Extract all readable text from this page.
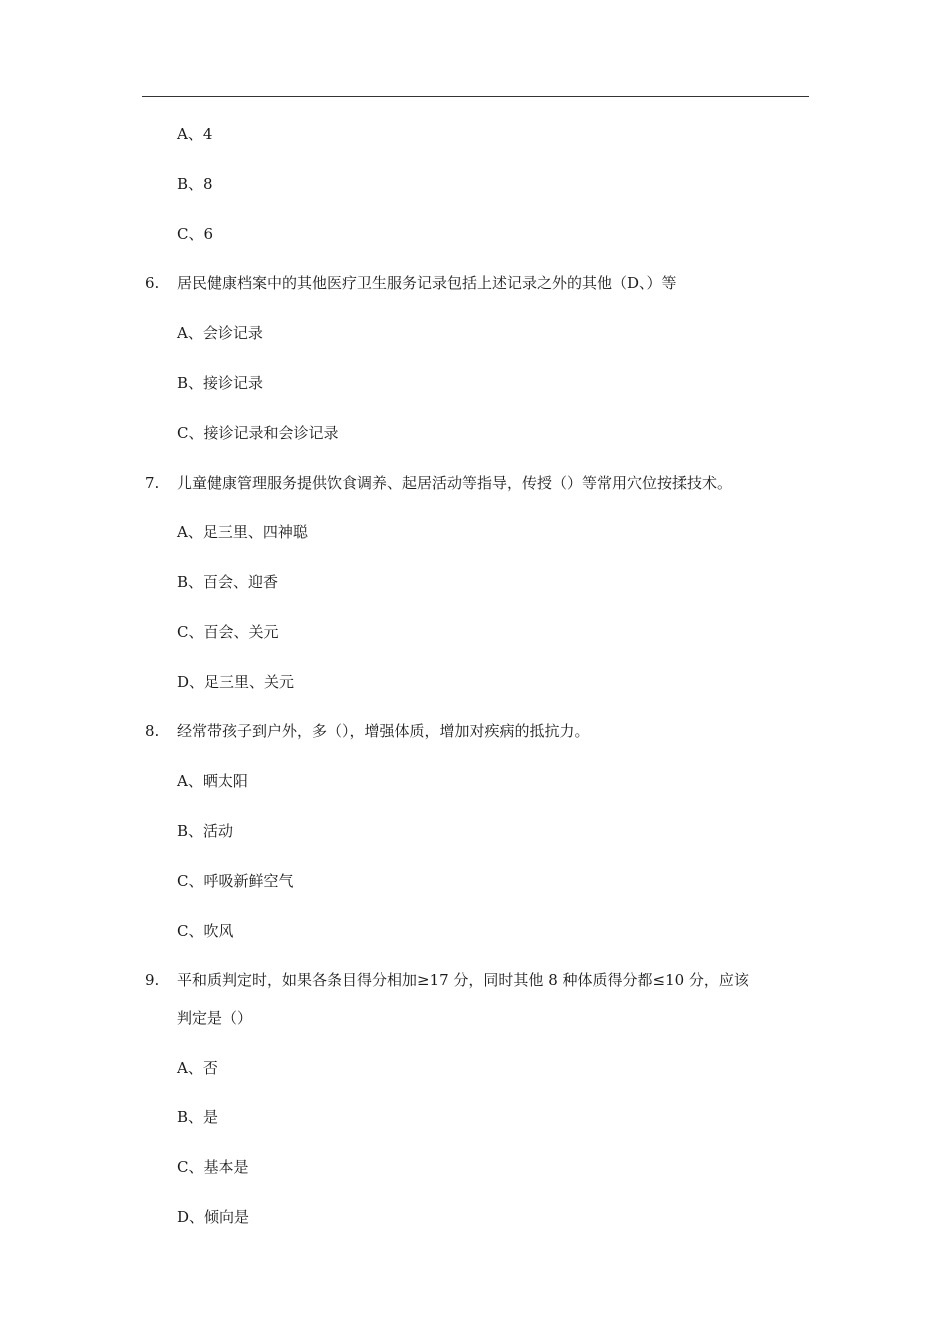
A、4
B、8
C、6
6. 居民健康档案中的其他医疗卫生服务记录包括上述记录之外的其他（D、）等
A、会诊记录
B、接诊记录
C、接诊记录和会诊记录
7. 儿童健康管理服务提供饮食调养、起居活动等指导，传授（）等常用穴位按揉技术。
A、足三里、四神聪
B、百会、迎香
C、百会、关元
D、足三里、关元
8. 经常带孩子到户外，多（），增强体质，增加对疾病的抵抗力。
A、晒太阳
B、活动
C、呼吸新鲜空气
C、吹风
9. 平和质判定时，如果各条目得分相加≥17 分，同时其他 8 种体质得分都≤10 分，应该
判定是（）
A、否
B、是
C、基本是
D、倾向是
